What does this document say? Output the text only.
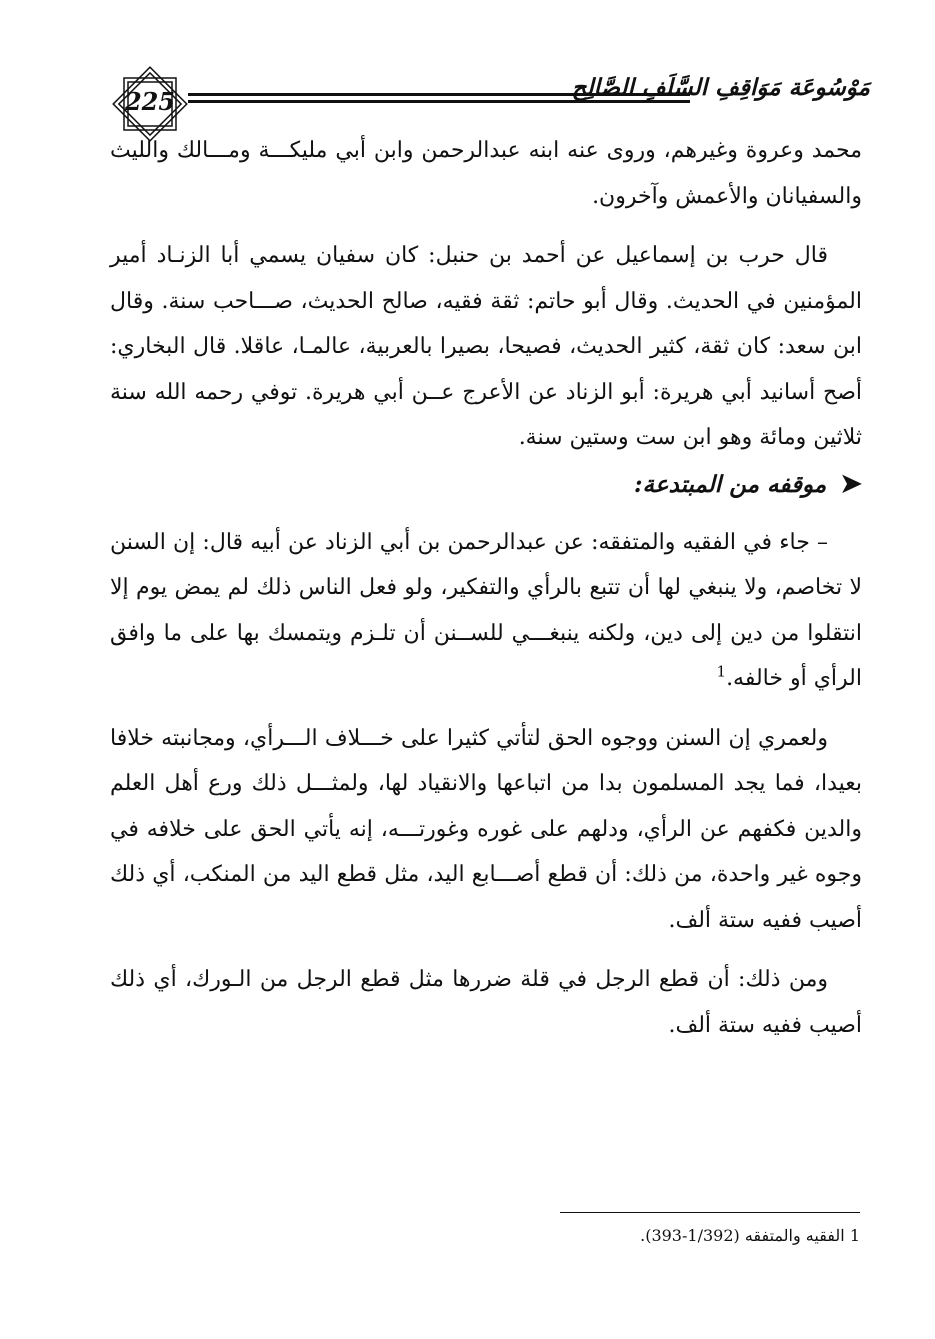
225	مَوْسُوعَة مَوَاقِفِ السَّلَفِ الصَّالِح

محمد وعروة وغيرهم، وروى عنه ابنه عبدالرحمن وابن أبي مليكـــة ومـــالك والليث والسفيانان والأعمش وآخرون.

قال حرب بن إسماعيل عن أحمد بن حنبل: كان سفيان يسمي أبا الزنـاد أمير المؤمنين في الحديث. وقال أبو حاتم: ثقة فقيه، صالح الحديث، صـــاحب سنة. وقال ابن سعد: كان ثقة، كثير الحديث، فصيحا، بصيرا بالعربية، عالمـا، عاقلا. قال البخاري: أصح أسانيد أبي هريرة: أبو الزناد عن الأعرج عــن أبي هريرة. توفي رحمه الله سنة ثلاثين ومائة وهو ابن ست وستين سنة.

➤موقفه من المبتدعة:

– جاء في الفقيه والمتفقه: عن عبدالرحمن بن أبي الزناد عن أبيه قال: إن السنن لا تخاصم، ولا ينبغي لها أن تتبع بالرأي والتفكير، ولو فعل الناس ذلك لم يمض يوم إلا انتقلوا من دين إلى دين، ولكنه ينبغـــي للســنن أن تلـزم ويتمسك بها على ما وافق الرأي أو خالفه.$^1$

ولعمري إن السنن ووجوه الحق لتأتي كثيرا على خـــلاف الـــرأي، ومجانبته خلافا بعيدا، فما يجد المسلمون بدا من اتباعها والانقياد لها، ولمثـــل ذلك ورع أهل العلم والدين فكفهم عن الرأي، ودلهم على غوره وغورتـــه، إنه يأتي الحق على خلافه في وجوه غير واحدة، من ذلك: أن قطع أصـــابع اليد، مثل قطع اليد من المنكب، أي ذلك أصيب ففيه ستة ألف.

ومن ذلك: أن قطع الرجل في قلة ضررها مثل قطع الرجل من الـورك، أي ذلك أصيب ففيه ستة ألف.

1 الفقيه والمتفقه (1/392-393).
